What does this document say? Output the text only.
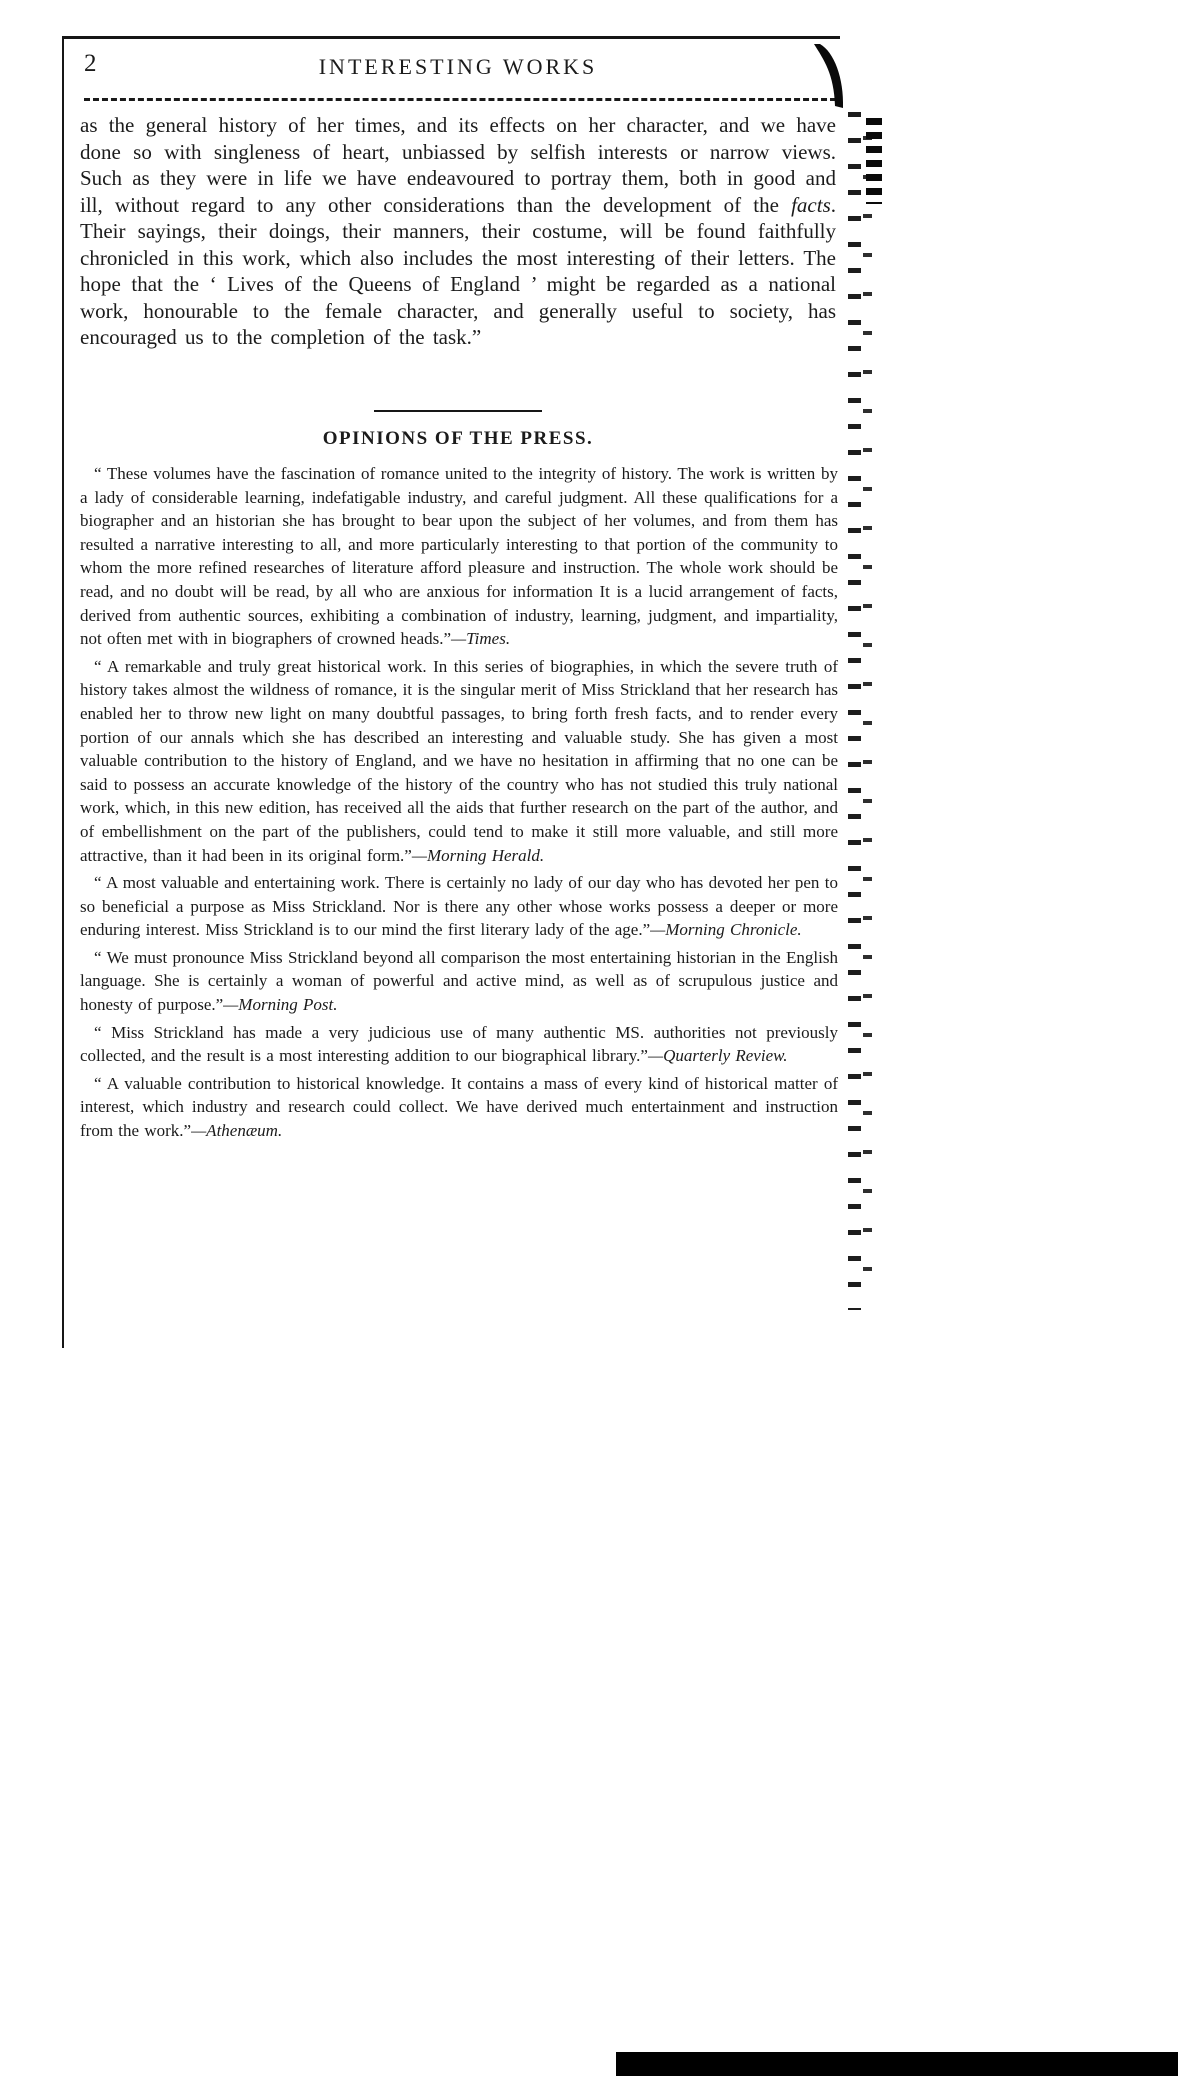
2	INTERESTING WORKS
as the general history of her times, and its effects on her character, and we have done so with singleness of heart, unbiassed by selfish interests or narrow views. Such as they were in life we have endeavoured to portray them, both in good and ill, without regard to any other considerations than the development of the facts. Their sayings, their doings, their manners, their costume, will be found faithfully chronicled in this work, which also includes the most interesting of their letters. The hope that the ‘ Lives of the Queens of England ’ might be regarded as a national work, honourable to the female character, and generally useful to society, has encouraged us to the completion of the task.”
OPINIONS OF THE PRESS.

“ These volumes have the fascination of romance united to the integrity of history. The work is written by a lady of considerable learning, indefatigable industry, and careful judgment. All these qualifications for a biographer and an historian she has brought to bear upon the subject of her volumes, and from them has resulted a narrative interesting to all, and more particularly interesting to that portion of the community to whom the more refined researches of literature afford pleasure and instruction. The whole work should be read, and no doubt will be read, by all who are anxious for information It is a lucid arrangement of facts, derived from authentic sources, exhibiting a combination of industry, learning, judgment, and impartiality, not often met with in biographers of crowned heads.”—Times.

“ A remarkable and truly great historical work. In this series of biographies, in which the severe truth of history takes almost the wildness of romance, it is the singular merit of Miss Strickland that her research has enabled her to throw new light on many doubtful passages, to bring forth fresh facts, and to render every portion of our annals which she has described an interesting and valuable study. She has given a most valuable contribution to the history of England, and we have no hesitation in affirming that no one can be said to possess an accurate knowledge of the history of the country who has not studied this truly national work, which, in this new edition, has received all the aids that further research on the part of the author, and of embellishment on the part of the publishers, could tend to make it still more valuable, and still more attractive, than it had been in its original form.”—Morning Herald.

“ A most valuable and entertaining work. There is certainly no lady of our day who has devoted her pen to so beneficial a purpose as Miss Strickland. Nor is there any other whose works possess a deeper or more enduring interest. Miss Strickland is to our mind the first literary lady of the age.”—Morning Chronicle.

“ We must pronounce Miss Strickland beyond all comparison the most entertaining historian in the English language. She is certainly a woman of powerful and active mind, as well as of scrupulous justice and honesty of purpose.”—Morning Post.

“ Miss Strickland has made a very judicious use of many authentic MS. authorities not previously collected, and the result is a most interesting addition to our biographical library.”—Quarterly Review.

“ A valuable contribution to historical knowledge. It contains a mass of every kind of historical matter of interest, which industry and research could collect. We have derived much entertainment and instruction from the work.”—Athenæum.
